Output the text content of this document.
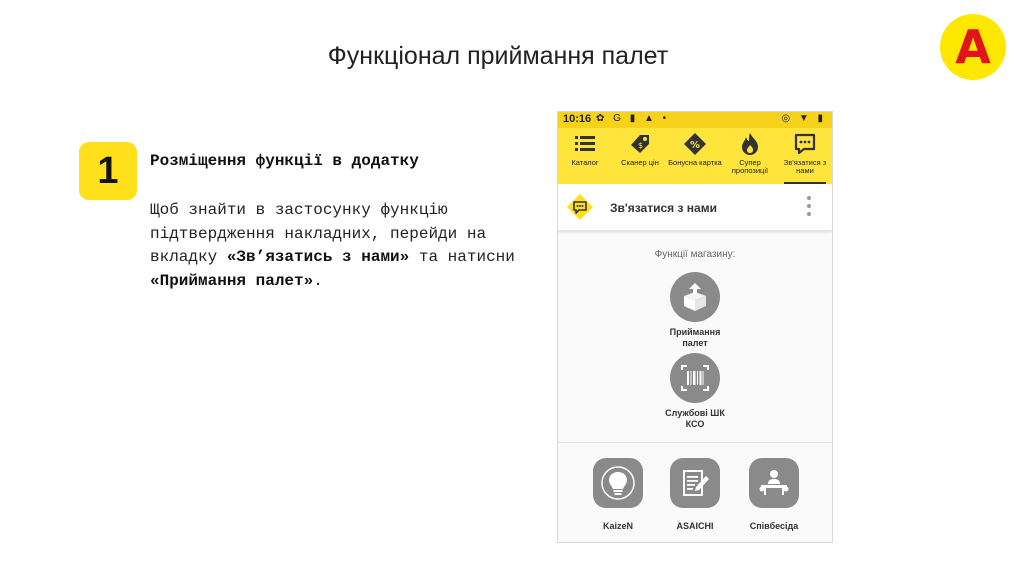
Функціонал приймання палет	А
1 Розміщення функції в додатку
Щоб знайти в застосунку функцію підтвердження накладних, перейди на вкладку «Зв’язатись з нами» та натисни «Приймання палет».
10:16 ✿ G ▮ ▲ •	◎ ▼ ▮
Каталог
$
Сканер цін
%
Бонусна картка	Супер пропозиції
Зв'язатися з нами
Зв'язатися з нами
Функції магазину:
Приймання палет
Службові ШК КСО
KaizeN	ASAICHI	Співбесіда
